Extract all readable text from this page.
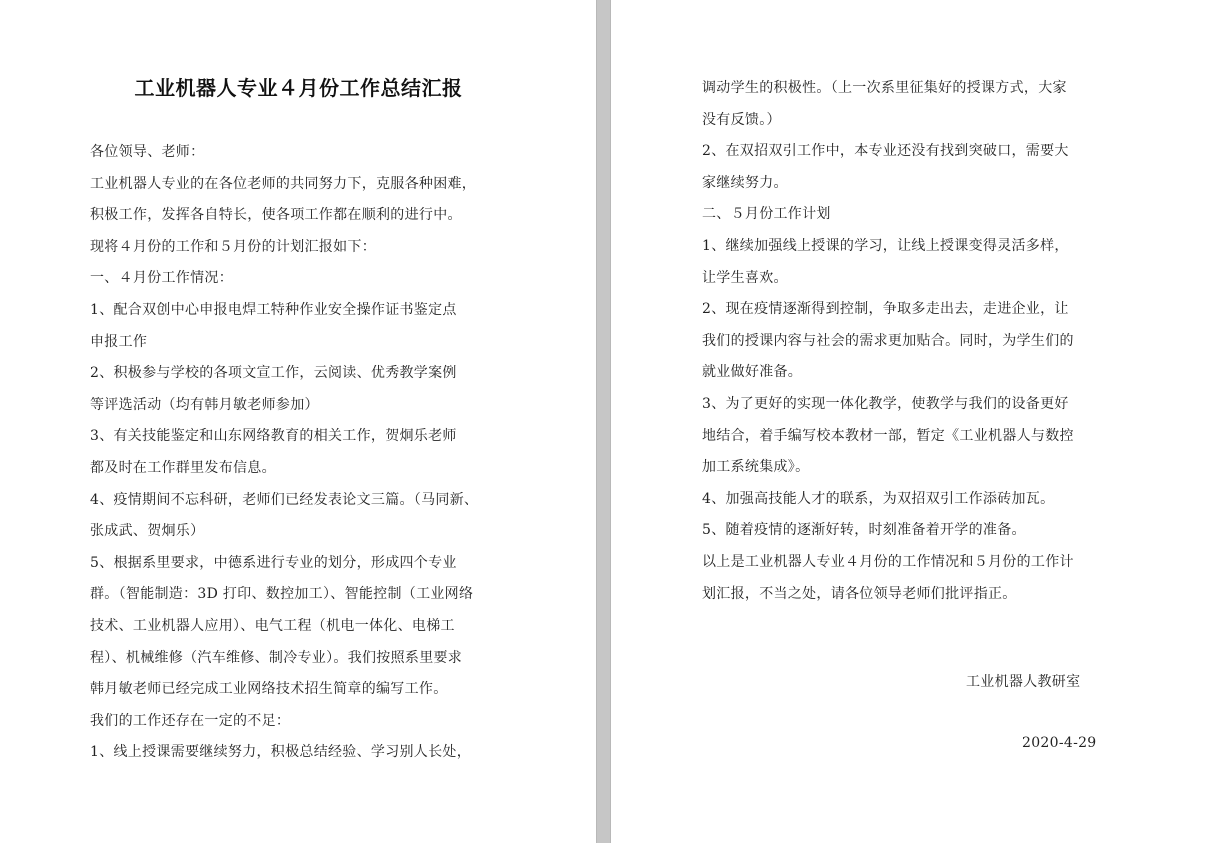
工业机器人专业４月份工作总结汇报
各位领导、老师：
工业机器人专业的在各位老师的共同努力下，克服各种困难，
积极工作，发挥各自特长，使各项工作都在顺利的进行中。
现将４月份的工作和５月份的计划汇报如下：
一、４月份工作情况：
1、配合双创中心申报电焊工特种作业安全操作证书鉴定点
申报工作
2、积极参与学校的各项文宣工作，云阅读、优秀教学案例
等评选活动（均有韩月敏老师参加）
3、有关技能鉴定和山东网络教育的相关工作，贺炯乐老师
都及时在工作群里发布信息。
4、疫情期间不忘科研，老师们已经发表论文三篇。（马同新、
张成武、贺炯乐）
5、根据系里要求，中德系进行专业的划分，形成四个专业
群。（智能制造：3D 打印、数控加工）、智能控制（工业网络
技术、工业机器人应用）、电气工程（机电一体化、电梯工
程）、机械维修（汽车维修、制冷专业）。我们按照系里要求
韩月敏老师已经完成工业网络技术招生简章的编写工作。
我们的工作还存在一定的不足：
1、线上授课需要继续努力，积极总结经验、学习别人长处，
调动学生的积极性。（上一次系里征集好的授课方式，大家
没有反馈。）
2、在双招双引工作中，本专业还没有找到突破口，需要大
家继续努力。
二、５月份工作计划
1、继续加强线上授课的学习，让线上授课变得灵活多样，
让学生喜欢。
2、现在疫情逐渐得到控制，争取多走出去，走进企业，让
我们的授课内容与社会的需求更加贴合。同时，为学生们的
就业做好准备。
3、为了更好的实现一体化教学，使教学与我们的设备更好
地结合，着手编写校本教材一部，暂定《工业机器人与数控
加工系统集成》。
4、加强高技能人才的联系，为双招双引工作添砖加瓦。
5、随着疫情的逐渐好转，时刻准备着开学的准备。
以上是工业机器人专业４月份的工作情况和５月份的工作计
划汇报，不当之处，请各位领导老师们批评指正。
工业机器人教研室
2020-4-29
